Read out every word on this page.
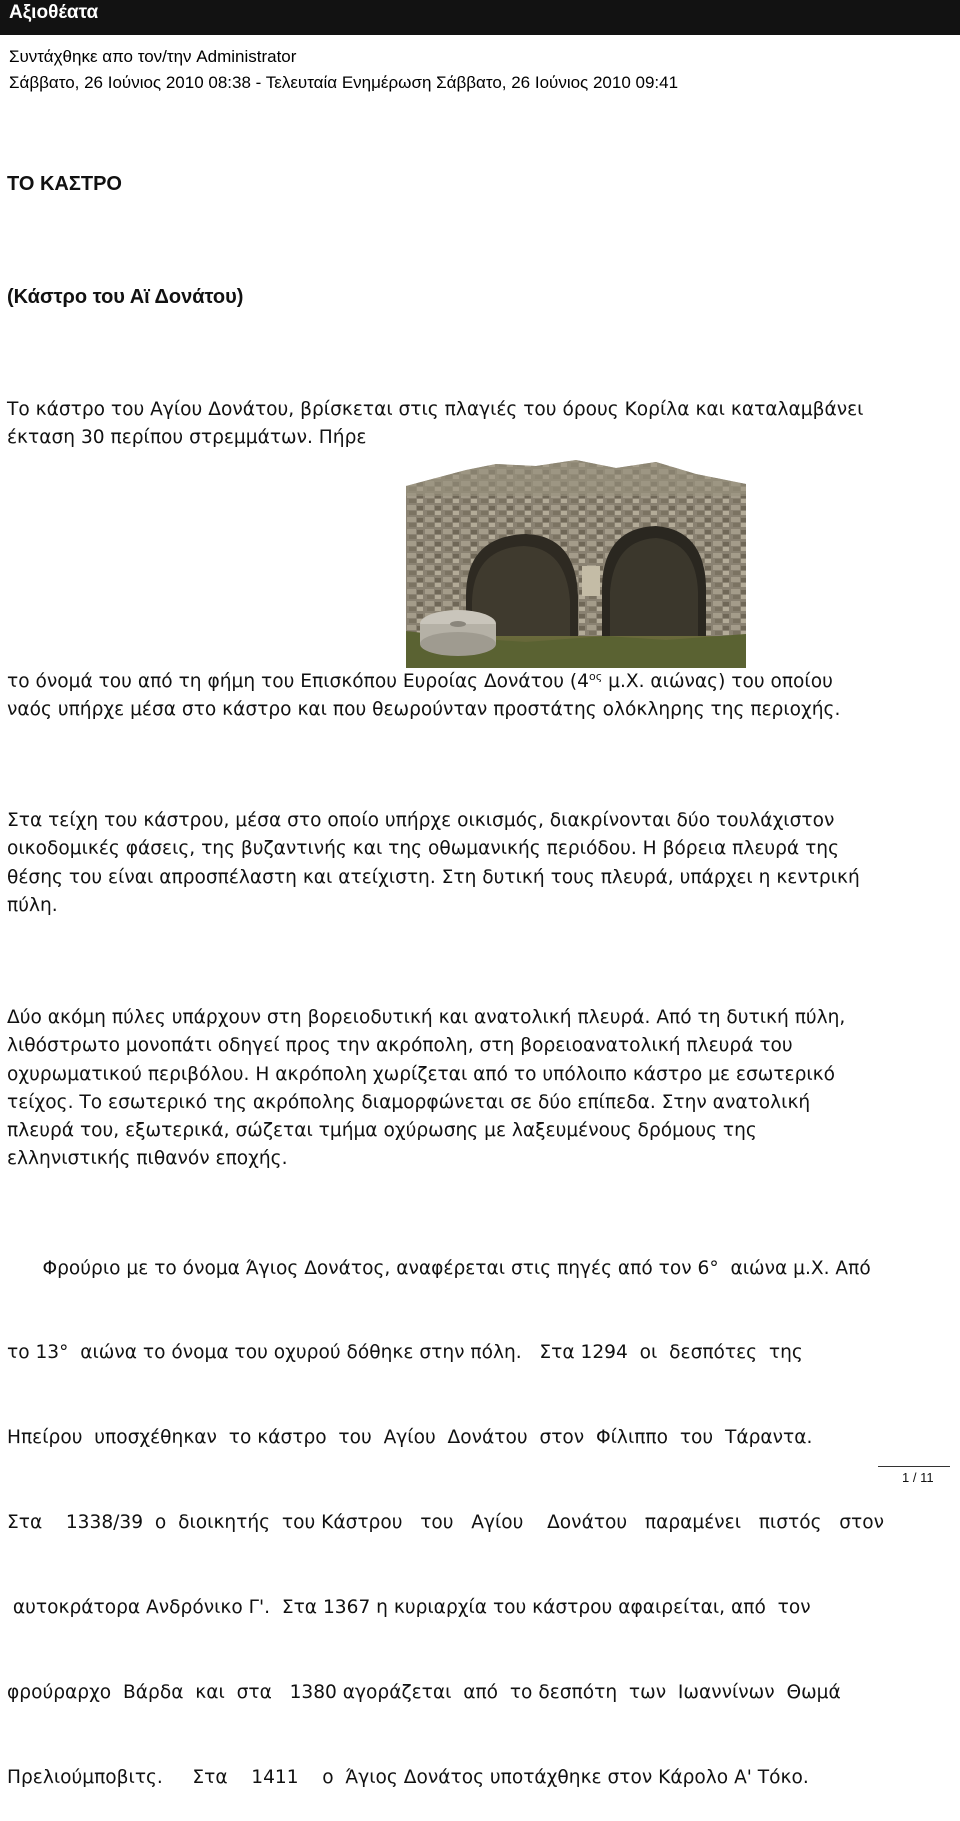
Αξιοθέατα
Συντάχθηκε απο τον/την Administrator
Σάββατο, 26 Ιούνιος 2010 08:38 - Τελευταία Ενημέρωση Σάββατο, 26 Ιούνιος 2010 09:41
ΤΟ ΚΑΣΤΡΟ
(Κάστρο του Αϊ Δονάτου)

Το κάστρο του Αγίου Δονάτου, βρίσκεται στις πλαγιές του όρους Κορίλα και καταλαμβάνει

έκταση 30 περίπου στρεμμάτων. Πήρε

το όνομά του από τη φήμη του Επισκόπου Ευροίας Δονάτου ($4^{o\varsigma}$ μ.Χ. αιώνας) του οποίου

ναός υπήρχε μέσα στο κάστρο και που θεωρούνταν προστάτης ολόκληρης της περιοχής.

Στα τείχη του κάστρου, μέσα στο οποίο υπήρχε οικισμός, διακρίνονται δύο τουλάχιστον

οικοδομικές φάσεις, της βυζαντινής και της οθωμανικής περιόδου. Η βόρεια πλευρά της

θέσης του είναι απροσπέλαστη και ατείχιστη. Στη δυτική τους πλευρά, υπάρχει η κεντρική

πύλη.

Δύο ακόμη πύλες υπάρχουν στη βορειοδυτική και ανατολική πλευρά. Από τη δυτική πύλη,

λιθόστρωτο μονοπάτι οδηγεί προς την ακρόπολη, στη βορειοανατολική πλευρά του

οχυρωματικού περιβόλου. Η ακρόπολη χωρίζεται από το υπόλοιπο κάστρο με εσωτερικό

τείχος. Το εσωτερικό της ακρόπολης διαμορφώνεται σε δύο επίπεδα. Στην ανατολική

πλευρά του, εξωτερικά, σώζεται τμήμα οχύρωσης με λαξευμένους δρόμους της

ελληνιστικής πιθανόν εποχής.

Φρούριο με το όνομα Άγιος Δονάτος, αναφέρεται στις πηγές από τον 6°  αιώνα μ.Χ. Από

το 13°  αιώνα το όνομα του οχυρού δόθηκε στην πόλη.   Στα 1294  οι  δεσπότες  της

Ηπείρου  υποσχέθηκαν  το κάστρο  του  Αγίου  Δονάτου  στον  Φίλιππο  του  Τάραντα.

Στα    1338/39  ο  διοικητής  του Κάστρου   του   Αγίου    Δονάτου   παραμένει   πιστός   στον

αυτοκράτορα Ανδρόνικο Γ'.  Στα 1367 η κυριαρχία του κάστρου αφαιρείται, από  τον

φρούραρχο  Βάρδα  και  στα   1380 αγοράζεται  από  το δεσπότη  των  Ιωαννίνων  Θωμά

Πρελιούμποβιτς.     Στα    1411    ο  Άγιος Δονάτος υποτάχθηκε στον Κάρολο Α' Τόκο.

1 / 11
